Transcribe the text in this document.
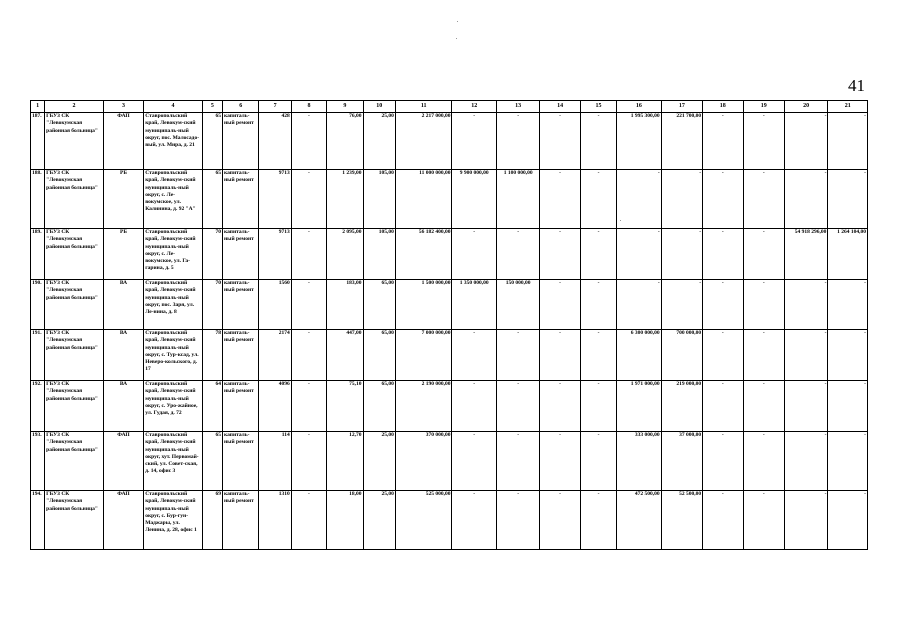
41
1	2	3	4	5	6	7	8	9	10	11	12	13	14	15	16	17	18	19	20	21
187.	ГБУЗ СК "Левокумская районная больница"	ФАП	Ставропольский край, Левокум-ский муниципаль-ный округ, пос. Малосадо-вый, ул. Мира, д. 21	65	капиталь-ный ремонт	428	-	76,00	25,00	2 217 000,00	-	-	-	-	1 995 300,00	221 700,00	-	-	-	-
188.	ГБУЗ СК "Левокумская районная больница"	РБ	Ставропольский край, Левокум-ский муниципаль-ный округ, с. Ле-вокумское, ул. Калинина, д. 92 "А"	65	капиталь-ный ремонт	9713	-	1 239,00	105,00	11 000 000,00	9 900 000,00	1 100 000,00	-	-	-	-	-	-	-	-
189.	ГБУЗ СК "Левокумская районная больница"	РБ	Ставропольский край, Левокум-ский муниципаль-ный округ, с. Ле-вокумское, ул. Га-гарина, д. 5	70	капиталь-ный ремонт	9713	-	2 095,00	105,00	56 182 400,00	-	-	-	-	-	-	-	-	54 918 296,00	1 264 104,00
190.	ГБУЗ СК "Левокумская районная больница"	ВА	Ставропольский край, Левокум-ский муниципаль-ный округ, пос. Заря, ул. Ле-нина, д. 8	70	капиталь-ный ремонт	1560	-	183,00	65,00	1 500 000,00	1 350 000,00	150 000,00	-	-	-	-	-	-	-	-
191.	ГБУЗ СК "Левокумская районная больница"	ВА	Ставропольский край, Левокум-ский муниципаль-ный округ, с. Тур-ксад, ул. Неверо-кольского, д. 17	78	капиталь-ный ремонт	2174	-	447,00	65,00	7 000 000,00	-	-	-	-	6 300 000,00	700 000,00	-	-	-	-
192.	ГБУЗ СК "Левокумская районная больница"	ВА	Ставропольский край, Левокум-ский муниципаль-ный округ, с. Уро-жайное, ул. Гудая, д. 72	64	капиталь-ный ремонт	4096	-	75,10	65,00	2 190 000,00	-	-	-	-	1 971 000,00	219 000,00	-	-	-	-
193.	ГБУЗ СК "Левокумская районная больница"	ФАП	Ставропольский край, Левокум-ский муниципаль-ный округ, хут. Первомай-ский, ул. Совет-ская, д. 14, офис 3	65	капиталь-ный ремонт	114	-	12,70	25,00	370 000,00	-	-	-	-	333 000,00	37 000,00	-	-	-	-
194.	ГБУЗ СК "Левокумская районная больница"	ФАП	Ставропольский край, Левокум-ский муниципаль-ный округ, с. Бур-гун-Маджары, ул. Ленина, д. 28, офис 1	69	капиталь-ный ремонт	1310	-	18,00	25,00	525 000,00	-	-	-	-	472 500,00	52 500,00	-	-	-	-
